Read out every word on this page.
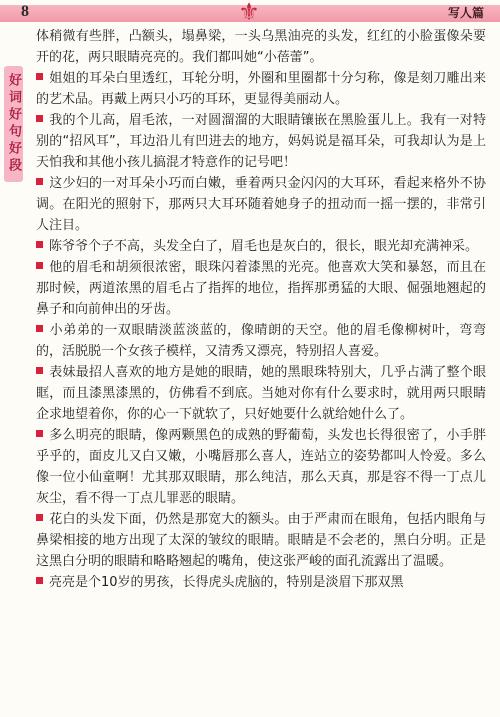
8	⚜	写人篇
好词好句好段

体稍微有些胖，凸额头，塌鼻梁，一头乌黑油亮的头发，红红的小脸蛋像朵要开的花，两只眼睛亮亮的。我们都叫她“小蓓蕾”。

姐姐的耳朵白里透红，耳轮分明，外圈和里圈都十分匀称，像是刻刀雕出来的艺术品。再戴上两只小巧的耳环，更显得美丽动人。

我的个儿高，眉毛浓，一对圆溜溜的大眼睛镶嵌在黑脸蛋儿上。我有一对特别的“招风耳”，耳边沿儿有凹进去的地方，妈妈说是福耳朵，可我却认为是上天怕我和其他小孩儿搞混才特意作的记号吧！

这少妇的一对耳朵小巧而白嫩，垂着两只金闪闪的大耳环，看起来格外不协调。在阳光的照射下，那两只大耳环随着她身子的扭动而一摇一摆的，非常引人注目。

陈爷爷个子不高，头发全白了，眉毛也是灰白的，很长，眼光却充满神采。

他的眉毛和胡须很浓密，眼珠闪着漆黑的光亮。他喜欢大笑和暴怒，而且在那时候，两道浓黑的眉毛占了指挥的地位，指挥那勇猛的大眼、倔强地翘起的鼻子和向前伸出的牙齿。

小弟弟的一双眼睛淡蓝淡蓝的，像晴朗的天空。他的眉毛像柳树叶，弯弯的，活脱脱一个女孩子模样，又清秀又漂亮，特别招人喜爱。

表妹最招人喜欢的地方是她的眼睛，她的黑眼珠特别大，几乎占满了整个眼眶，而且漆黑漆黑的，仿佛看不到底。当她对你有什么要求时，就用两只眼睛企求地望着你，你的心一下就软了，只好她要什么就给她什么了。

多么明亮的眼睛，像两颗黑色的成熟的野葡萄，头发也长得很密了，小手胖乎乎的，面皮儿又白又嫩，小嘴唇那么喜人，连站立的姿势都叫人怜爱。多么像一位小仙童啊！尤其那双眼睛，那么纯洁，那么天真，那是容不得一丁点儿灰尘，看不得一丁点儿罪恶的眼睛。

花白的头发下面，仍然是那宽大的额头。由于严肃而在眼角，包括内眼角与鼻梁相接的地方出现了太深的皱纹的眼睛。眼睛是不会老的，黑白分明。正是这黑白分明的眼睛和略略翘起的嘴角，使这张严峻的面孔流露出了温暖。

亮亮是个10岁的男孩，长得虎头虎脑的，特别是淡眉下那双黑
